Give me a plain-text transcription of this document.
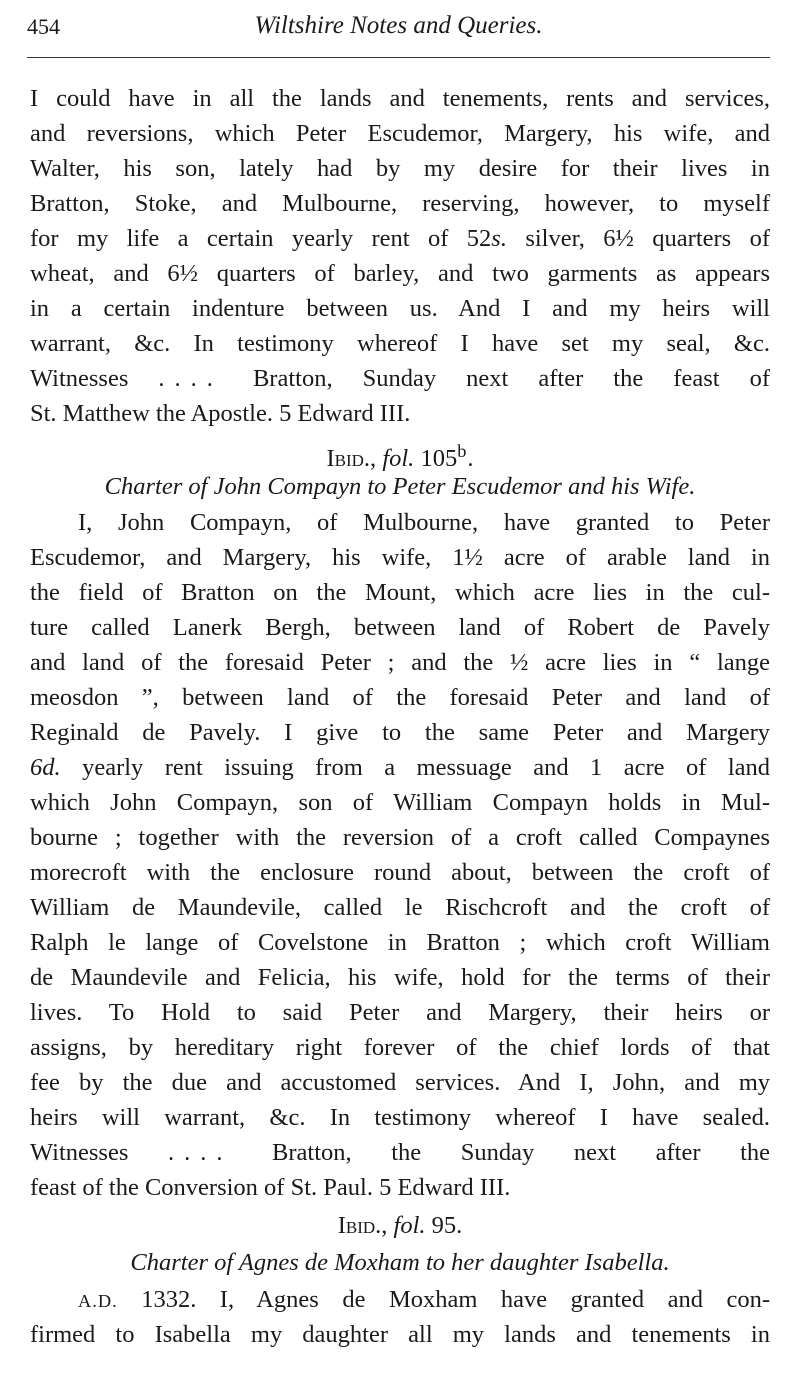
454	Wiltshire Notes and Queries.
I could have in all the lands and tenements, rents and services,
and reversions, which Peter Escudemor, Margery, his wife, and
Walter, his son, lately had by my desire for their lives in
Bratton, Stoke, and Mulbourne, reserving, however, to myself
for my life a certain yearly rent of 52s. silver, 6½ quarters of
wheat, and 6½ quarters of barley, and two garments as appears
in a certain indenture between us. And I and my heirs will
warrant, &c. In testimony whereof I have set my seal, &c.
Witnesses .... Bratton, Sunday next after the feast of
St. Matthew the Apostle. 5 Edward III.
Ibid., fol. 105$^b$.
Charter of John Compayn to Peter Escudemor and his Wife.
I, John Compayn, of Mulbourne, have granted to Peter
Escudemor, and Margery, his wife, 1½ acre of arable land in
the field of Bratton on the Mount, which acre lies in the cul-
ture called Lanerk Bergh, between land of Robert de Pavely
and land of the foresaid Peter ; and the ½ acre lies in “ lange
meosdon ”, between land of the foresaid Peter and land of
Reginald de Pavely. I give to the same Peter and Margery
6d. yearly rent issuing from a messuage and 1 acre of land
which John Compayn, son of William Compayn holds in Mul-
bourne ; together with the reversion of a croft called Compaynes
morecroft with the enclosure round about, between the croft of
William de Maundevile, called le Rischcroft and the croft of
Ralph le lange of Covelstone in Bratton ; which croft William
de Maundevile and Felicia, his wife, hold for the terms of their
lives. To Hold to said Peter and Margery, their heirs or
assigns, by hereditary right forever of the chief lords of that
fee by the due and accustomed services. And I, John, and my
heirs will warrant, &c. In testimony whereof I have sealed.
Witnesses .... Bratton, the Sunday next after the
feast of the Conversion of St. Paul. 5 Edward III.
Ibid., fol. 95.
Charter of Agnes de Moxham to her daughter Isabella.
A.D. 1332. I, Agnes de Moxham have granted and con-
firmed to Isabella my daughter all my lands and tenements in
